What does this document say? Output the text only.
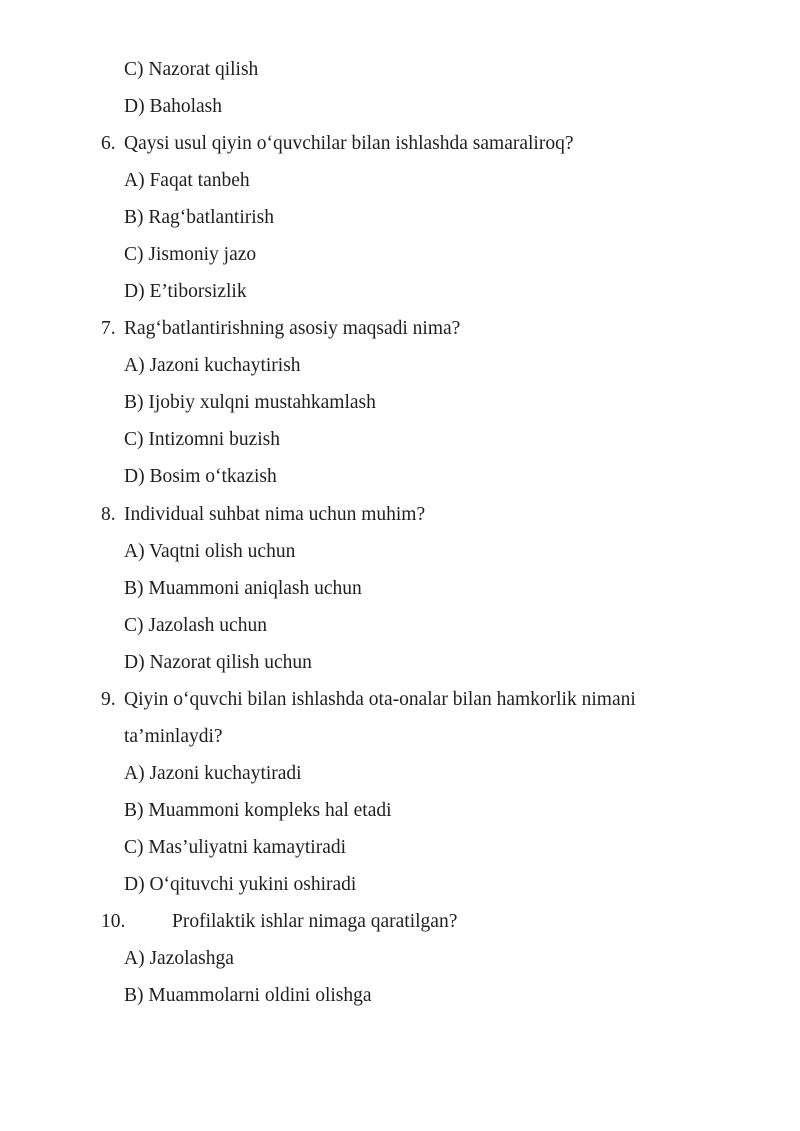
C) Nazorat qilish
D) Baholash
6. Qaysi usul qiyin o‘quvchilar bilan ishlashda samaraliroq?
A) Faqat tanbeh
B) Rag‘batlantirish
C) Jismoniy jazo
D) E’tiborsizlik
7. Rag‘batlantirishning asosiy maqsadi nima?
A) Jazoni kuchaytirish
B) Ijobiy xulqni mustahkamlash
C) Intizomni buzish
D) Bosim o‘tkazish
8. Individual suhbat nima uchun muhim?
A) Vaqtni olish uchun
B) Muammoni aniqlash uchun
C) Jazolash uchun
D) Nazorat qilish uchun
9. Qiyin o‘quvchi bilan ishlashda ota-onalar bilan hamkorlik nimani
ta’minlaydi?
A) Jazoni kuchaytiradi
B) Muammoni kompleks hal etadi
C) Mas’uliyatni kamaytiradi
D) O‘qituvchi yukini oshiradi
10. Profilaktik ishlar nimaga qaratilgan?
A) Jazolashga
B) Muammolarni oldini olishga
